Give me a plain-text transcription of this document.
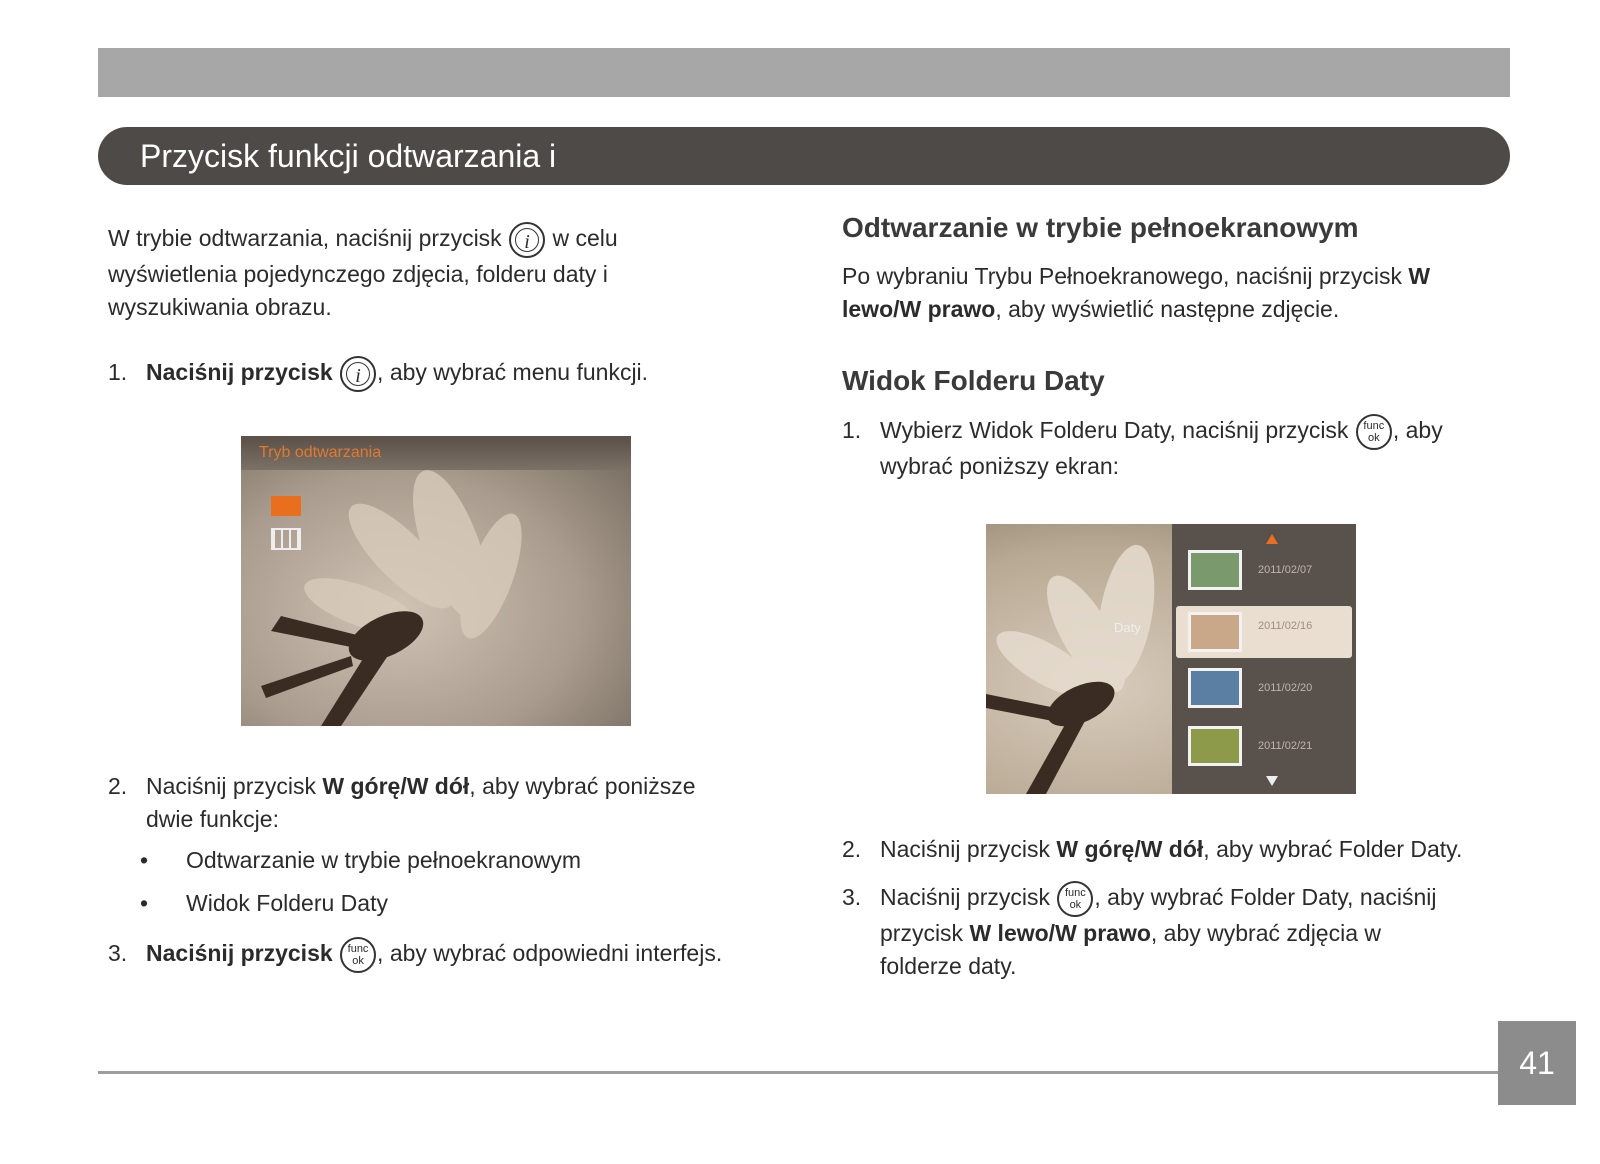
Przycisk funkcji odtwarzania i
W trybie odtwarzania, naciśnij przycisk i w celu
wyświetlenia pojedynczego zdjęcia, folderu daty i
wyszukiwania obrazu.
1. Naciśnij przycisk i , aby wybrać menu funkcji.
Tryb odtwarzania
2. Naciśnij przycisk W górę/W dół, aby wybrać poniższe
dwie funkcje:
• Odtwarzanie w trybie pełnoekranowym
• Widok Folderu Daty
3. Naciśnij przycisk	func
ok , aby wybrać odpowiedni interfejs.
Odtwarzanie w trybie pełnoekranowym
Po wybraniu Trybu Pełnoekranowego, naciśnij przycisk W
lewo/W prawo, aby wyświetlić następne zdjęcie.
Widok Folderu Daty
1. Wybierz Widok Folderu Daty, naciśnij przycisk	func
ok , aby
wybrać poniższy ekran:
Daty
2011/02/07
2011/02/16
2011/02/20
2011/02/21
2. Naciśnij przycisk W górę/W dół, aby wybrać Folder Daty.
3. Naciśnij przycisk	func
ok , aby wybrać Folder Daty, naciśnij
przycisk W lewo/W prawo, aby wybrać zdjęcia w
folderze daty.
41
